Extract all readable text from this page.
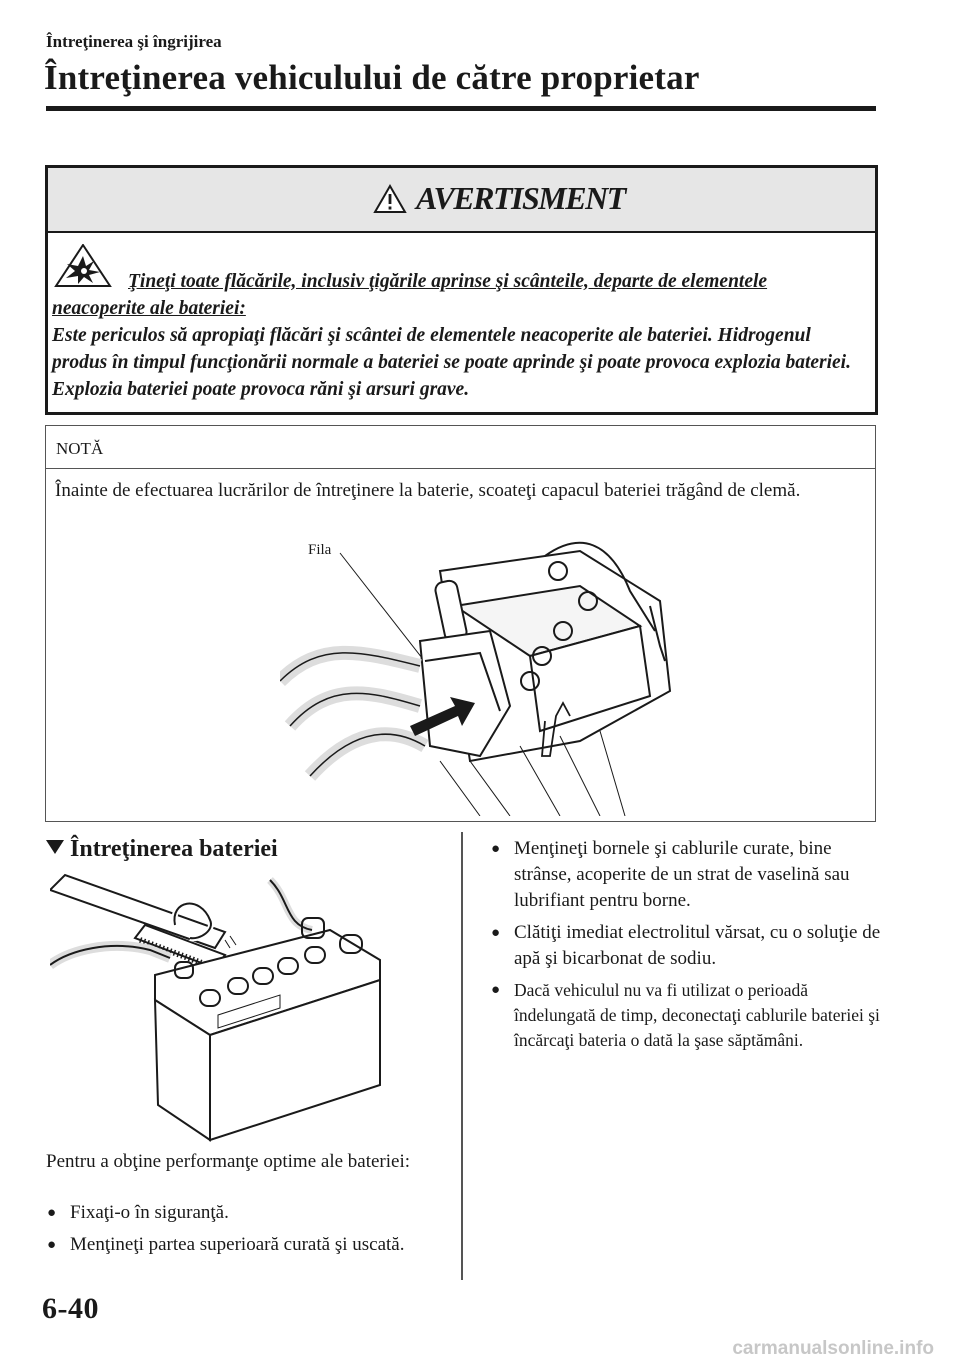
Întreţinerea şi îngrijirea
Întreţinerea vehiculului de către proprietar
AVERTISMENT
Ţineţi toate flăcările, inclusiv ţigările aprinse şi scânteile, departe de elementele
neacoperite ale bateriei:
Este periculos să apropiaţi flăcări şi scântei de elementele neacoperite ale bateriei. Hidrogenul produs în timpul funcţionării normale a bateriei se poate aprinde şi poate provoca explozia bateriei. Explozia bateriei poate provoca răni şi arsuri grave.
NOTĂ
Înainte de efectuarea lucrărilor de întreţinere la baterie, scoateţi capacul bateriei trăgând de clemă.
Fila
Întreţinerea bateriei
Pentru a obţine performanţe optime ale bateriei:
● Fixaţi-o în siguranţă.
● Menţineţi partea superioară curată şi uscată.
● Menţineţi bornele şi cablurile curate, bine strânse, acoperite de un strat de vaselină sau lubrifiant pentru borne.
● Clătiţi imediat electrolitul vărsat, cu o soluţie de apă şi bicarbonat de sodiu.
● Dacă vehiculul nu va fi utilizat o perioadă îndelungată de timp, deconectaţi cablurile bateriei şi încărcaţi bateria o dată la şase săptămâni.
6-40
carmanualsonline.info
